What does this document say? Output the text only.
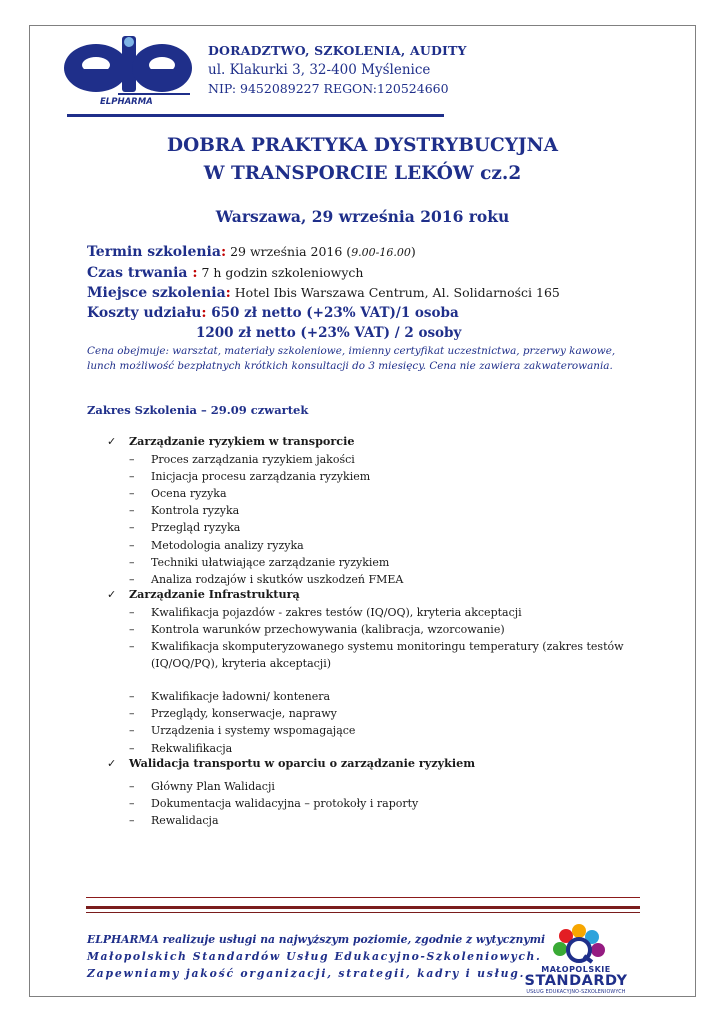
ELPHARMA
DORADZTWO, SZKOLENIA, AUDITY
ul. Klakurki 3, 32-400 Myślenice
NIP: 9452089227 REGON:120524660
DOBRA PRAKTYKA DYSTRYBUCYJNA
W TRANSPORCIE LEKÓW cz.2
Warszawa, 29 września 2016 roku
Termin szkolenia: 29 września 2016 (9.00-16.00)
Czas trwania : 7 h godzin szkoleniowych
Miejsce szkolenia: Hotel Ibis Warszawa Centrum, Al. Solidarności 165
Koszty udziału: 650 zł netto (+23% VAT)/1 osoba
1200 zł netto (+23% VAT) / 2 osoby
Cena obejmuje: warsztat, materiały szkoleniowe, imienny certyfikat uczestnictwa, przerwy kawowe, lunch możliwość bezpłatnych krótkich konsultacji do 3 miesięcy. Cena nie zawiera zakwaterowania.
Zakres Szkolenia – 29.09 czwartek
✓ Zarządzanie ryzykiem w transporcie
– Proces zarządzania ryzykiem jakości
– Inicjacja procesu zarządzania ryzykiem
– Ocena ryzyka
– Kontrola ryzyka
– Przegląd ryzyka
– Metodologia analizy ryzyka
– Techniki ułatwiające zarządzanie ryzykiem
– Analiza rodzajów i skutków uszkodzeń FMEA
✓ Zarządzanie Infrastrukturą
– Kwalifikacja pojazdów - zakres testów (IQ/OQ), kryteria akceptacji
– Kontrola warunków przechowywania (kalibracja, wzorcowanie)
– Kwalifikacja skomputeryzowanego systemu monitoringu temperatury (zakres testów (IQ/OQ/PQ), kryteria akceptacji)
– Kwalifikacje ładowni/ kontenera
– Przeglądy, konserwacje, naprawy
– Urządzenia i systemy wspomagające
– Rekwalifikacja
✓ Walidacja transportu w oparciu o zarządzanie ryzykiem
– Główny Plan Walidacji
– Dokumentacja walidacyjna – protokoły i raporty
– Rewalidacja
ELPHARMA realizuje usługi na najwyższym poziomie, zgodnie z wytycznymi
Małopolskich Standardów Usług Edukacyjno-Szkoleniowych.
Zapewniamy jakość organizacji, strategii, kadry i usług.	MAŁOPOLSKIE
STANDARDY
USŁUG EDUKACYJNO-SZKOLENIOWYCH
